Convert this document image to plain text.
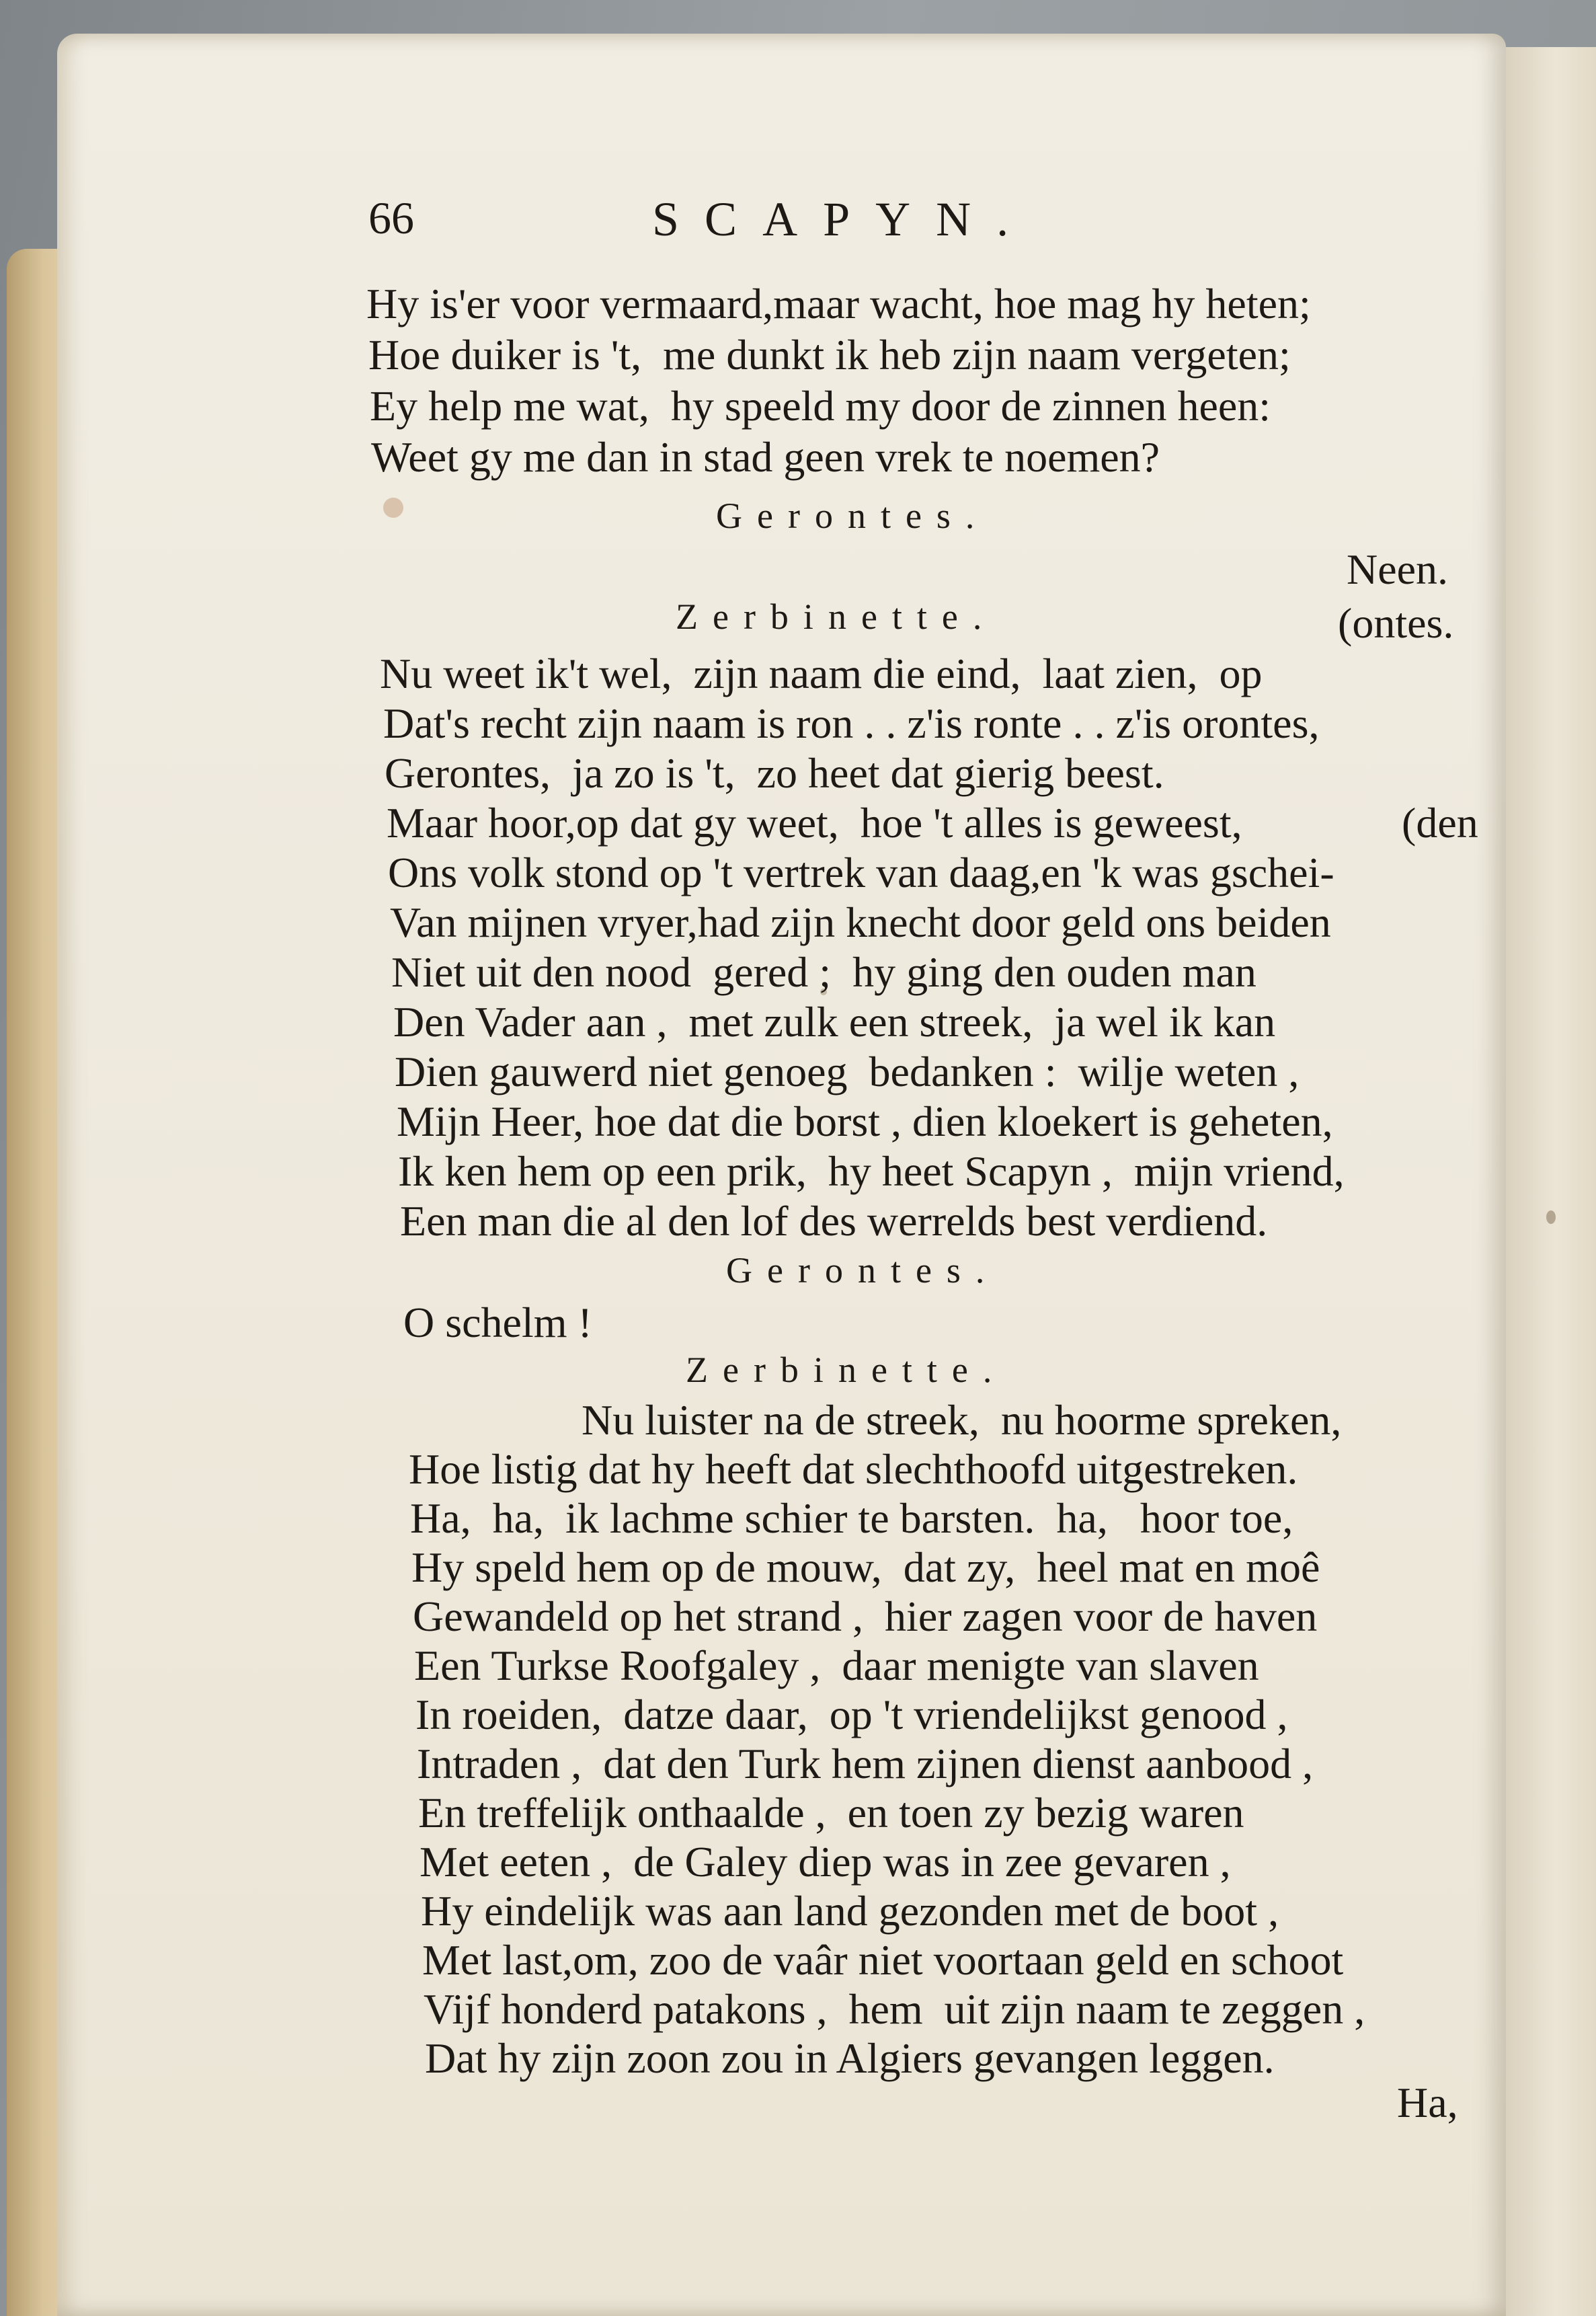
66	SCAPYN.
Hy is'er voor vermaard,maar wacht, hoe mag hy heten;
Hoe duiker is 't,  me dunkt ik heb zijn naam vergeten;
Ey help me wat,  hy speeld my door de zinnen heen:
Weet gy me dan in stad geen vrek te noemen?
Gerontes.
Neen.
Zerbinette.	(ontes.
Nu weet ik't wel,  zijn naam die eind,  laat zien,  op
Dat's recht zijn naam is ron . . z'is ronte . . z'is orontes,
Gerontes,  ja zo is 't,  zo heet dat gierig beest.
Maar hoor,op dat gy weet,  hoe 't alles is geweest,	(den
Ons volk stond op 't vertrek van daag,en 'k was gschei-
Van mijnen vryer,had zijn knecht door geld ons beiden
Niet uit den nood  gered ;  hy ging den ouden man
Den Vader aan ,  met zulk een streek,  ja wel ik kan
Dien gauwerd niet genoeg  bedanken :  wilje weten ,
Mijn Heer, hoe dat die borst , dien kloekert is geheten,
Ik ken hem op een prik,  hy heet Scapyn ,  mijn vriend,
Een man die al den lof des werrelds best verdiend.
Gerontes.
O schelm !
Zerbinette.
Nu luister na de streek,  nu hoorme spreken,
Hoe listig dat hy heeft dat slechthoofd uitgestreken.
Ha,  ha,  ik lachme schier te barsten.  ha,   hoor toe,
Hy speld hem op de mouw,  dat zy,  heel mat en moê
Gewandeld op het strand ,  hier zagen voor de haven
Een Turkse Roofgaley ,  daar menigte van slaven
In roeiden,  datze daar,  op 't vriendelijkst genood ,
Intraden ,  dat den Turk hem zijnen dienst aanbood ,
En treffelijk onthaalde ,  en toen zy bezig waren
Met eeten ,  de Galey diep was in zee gevaren ,
Hy eindelijk was aan land gezonden met de boot ,
Met last,om, zoo de vaâr niet voortaan geld en schoot
Vijf honderd patakons ,  hem  uit zijn naam te zeggen ,
Dat hy zijn zoon zou in Algiers gevangen leggen.
Ha,
